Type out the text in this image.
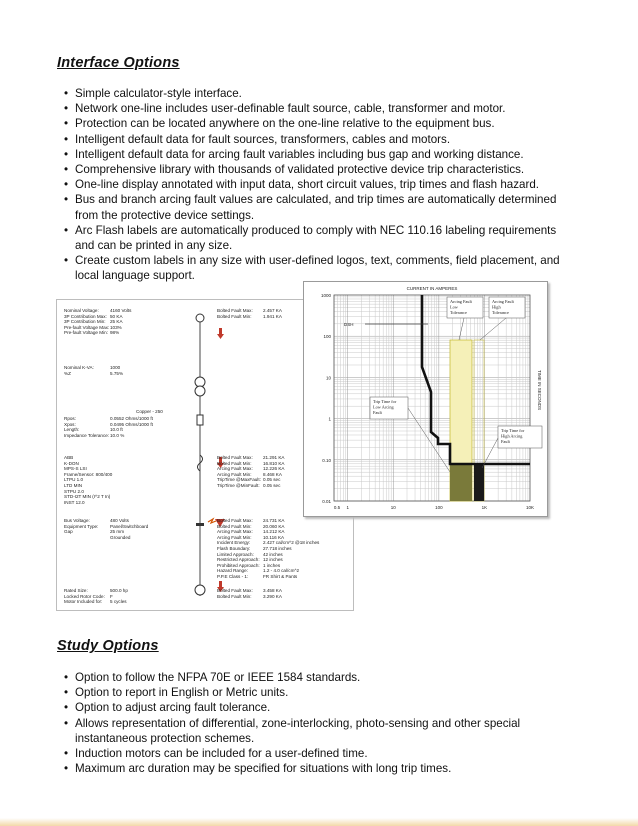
Interface Options
• Simple calculator-style interface.
• Network one-line includes user-definable fault source, cable, transformer and motor.
• Protection can be located anywhere on the one-line relative to the equipment bus.
• Intelligent default data for fault sources, transformers, cables and motors.
• Intelligent default data for arcing fault variables including bus gap and working distance.
• Comprehensive library with thousands of validated protective device trip characteristics.
• One-line display annotated with input data, short circuit values, trip times and flash hazard.
• Bus and branch arcing fault values are calculated, and trip times are automatically determined from the protective device settings.
• Arc Flash labels are automatically produced to comply with NEC 110.16 labeling requirements and can be printed in any size.
• Create custom labels in any size with user-defined logos, text, comments, field placement, and local language support.
Nominal Voltage:	4160 Volts
3P Contribution Max: 50 KA
3P Contribution Min: 25 KA
Pre-fault Voltage Max: 103%
Pre-fault Voltage Min: 98%
Bolted Fault Max:	2.457 KA
Bolted Fault Min:	1.941 KA
Nominal K-VA:	1000
%Z	5.75%
Copper - 250
Rpos:	0.0552 Ohms/1000 ft
Xpos:	0.0495 Ohms/1000 ft
Length:	10.0 ft
Impedance Tolerance: 10.0 %
ABB
K-DON
MPS-S LSI
Frame/Sensor: 800/400
LTPU 1.0
LTD MIN
STPU 2.0
STD-I2T MIN (I^2 T In)
INST 12.0
Bolted Fault Max:	21.291 KA
Bolted Fault Min:	16.810 KA
Arcing Fault Max:	12.226 KA
Arcing Fault Min:	8.468 KA
TripTime @MaxFault: 0.05 sec
TripTime @MinFault: 0.05 sec
Bus Voltage:	480 Volts
Equipment Type:	Panel/Switchboard
Gap	25 mm
Grounded
Bolted Fault Max:	24.731 KA
Bolted Fault Min:	20.060 KA
Arcing Fault Max:	14.212 KA
Arcing Fault Min:	10.116 KA
Incident Energy:	2.427 cal/cm^2 @18 inches
Flash Boundary:	27.718 inches
Limited Approach:	42 inches
Restricted Approach: 12 inches
Prohibited Approach: 1 inches
Hazard Range:	1.2 - 4.0 cal/cm^2
P.P.E Class - 1:	FR Shirt & Pants
Rated Size:	500.0 hp
Locked Rotor Code:	F
Motor Included for:	5 cycles
Bolted Fault Max:	3.458 KA
Bolted Fault Min:	3.290 KA
Arcing Fault
Low
Tolerance
Arcing Fault
High
Tolerance
Trip Time for
Low Arcing
Fault
Trip Time for
High Arcing
Fault
CURRENT IN AMPERES
TIME IN SECONDS
1000
100
10
1
0.10
0.01
0.5 1	10	100	1K	10K
DSH
Study Options
• Option to follow the NFPA 70E or IEEE 1584 standards.
• Option to report in English or Metric units.
• Option to adjust arcing fault tolerance.
• Allows representation of differential, zone-interlocking, photo-sensing and other special instantaneous protection schemes.
• Induction motors can be included for a user-defined time.
• Maximum arc duration may be specified for situations with long trip times.
